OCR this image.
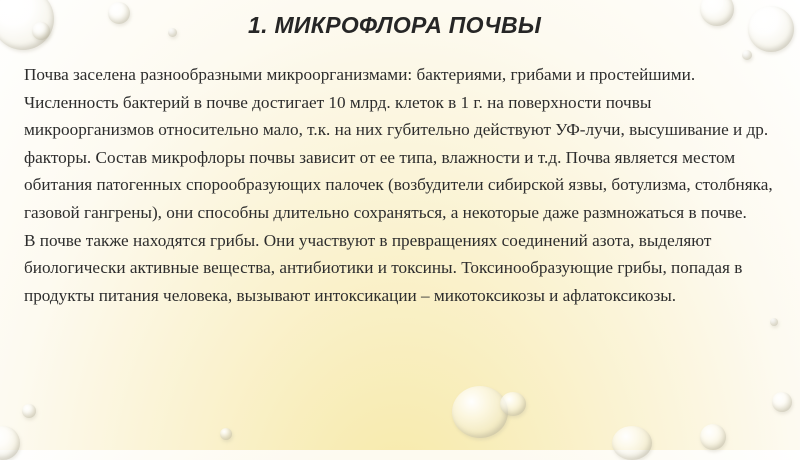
1. МИКРОФЛОРА ПОЧВЫ

Почва заселена разнообразными микроорганизмами: бактериями, грибами и простейшими. Численность бактерий в почве достигает 10 млрд. клеток в 1 г. на поверхности почвы микроорганизмов относительно мало, т.к. на них губительно действуют УФ-лучи, высушивание и др. факторы. Состав микрофлоры почвы зависит от ее типа, влажности и т.д. Почва является местом обитания патогенных спорообразующих палочек (возбудители сибирской язвы, ботулизма, столбняка, газовой гангрены), они способны длительно сохраняться, а некоторые даже размножаться в почве.

В почве также находятся грибы. Они участвуют в превращениях соединений азота, выделяют биологически активные вещества, антибиотики и токсины. Токсинообразующие грибы, попадая в продукты питания человека, вызывают интоксикации – микотоксикозы и афлатоксикозы.
